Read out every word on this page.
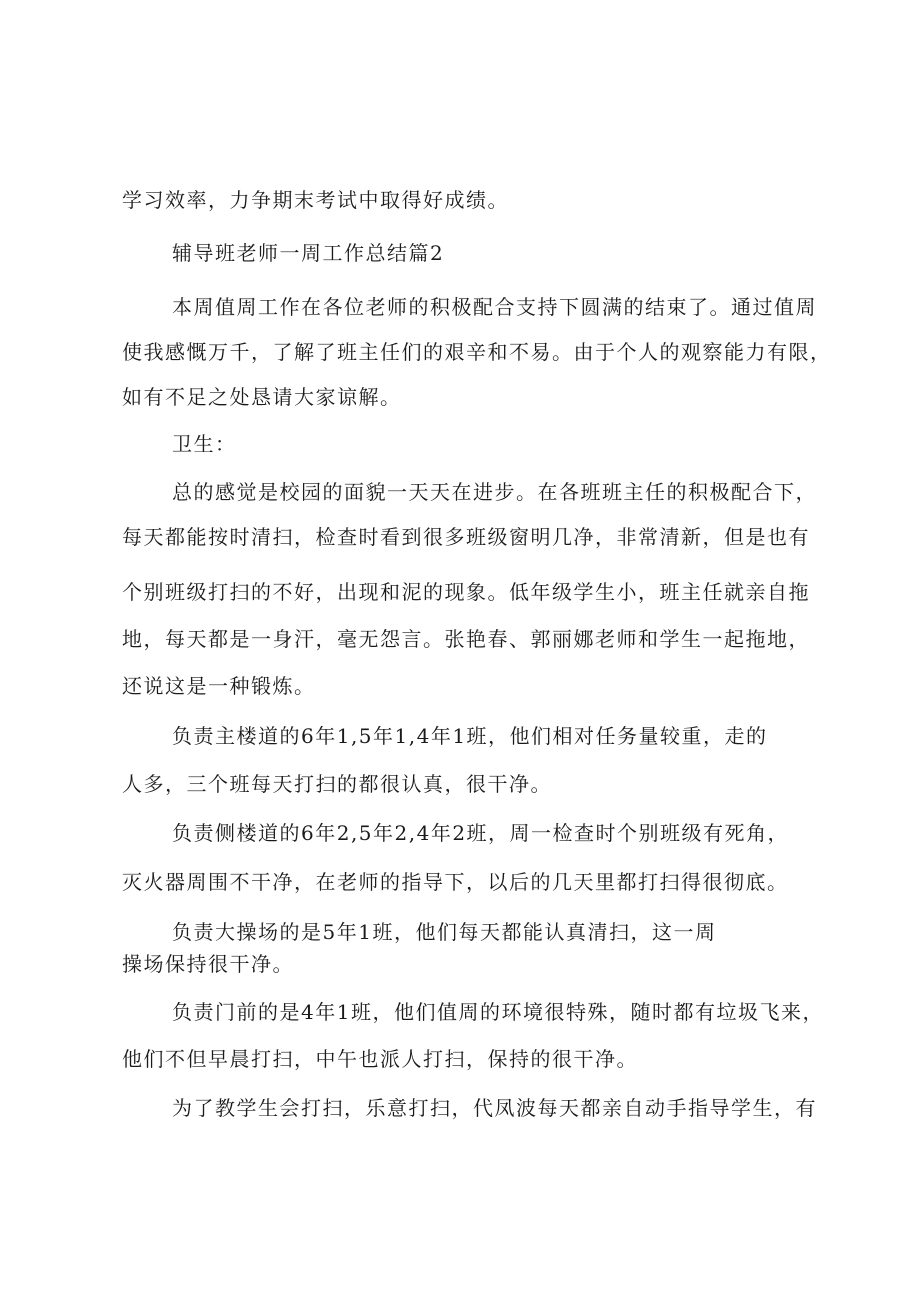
学习效率，力争期末考试中取得好成绩。
辅导班老师一周工作总结篇2
本周值周工作在各位老师的积极配合支持下圆满的结束了。通过值周
使我感慨万千，了解了班主任们的艰辛和不易。由于个人的观察能力有限，
如有不足之处恳请大家谅解。
卫生：
总的感觉是校园的面貌一天天在进步。在各班班主任的积极配合下，
每天都能按时清扫，检查时看到很多班级窗明几净，非常清新，但是也有
个别班级打扫的不好，出现和泥的现象。低年级学生小，班主任就亲自拖
地，每天都是一身汗，毫无怨言。张艳春、郭丽娜老师和学生一起拖地，
还说这是一种锻炼。
负责主楼道的6年1,5年1,4年1班，他们相对任务量较重，走的
人多，三个班每天打扫的都很认真，很干净。
负责侧楼道的6年2,5年2,4年2班，周一检查时个别班级有死角，
灭火器周围不干净，在老师的指导下，以后的几天里都打扫得很彻底。
负责大操场的是5年1班，他们每天都能认真清扫，这一周
操场保持很干净。
负责门前的是4年1班，他们值周的环境很特殊，随时都有垃圾飞来，
他们不但早晨打扫，中午也派人打扫，保持的很干净。
为了教学生会打扫，乐意打扫，代凤波每天都亲自动手指导学生，有
